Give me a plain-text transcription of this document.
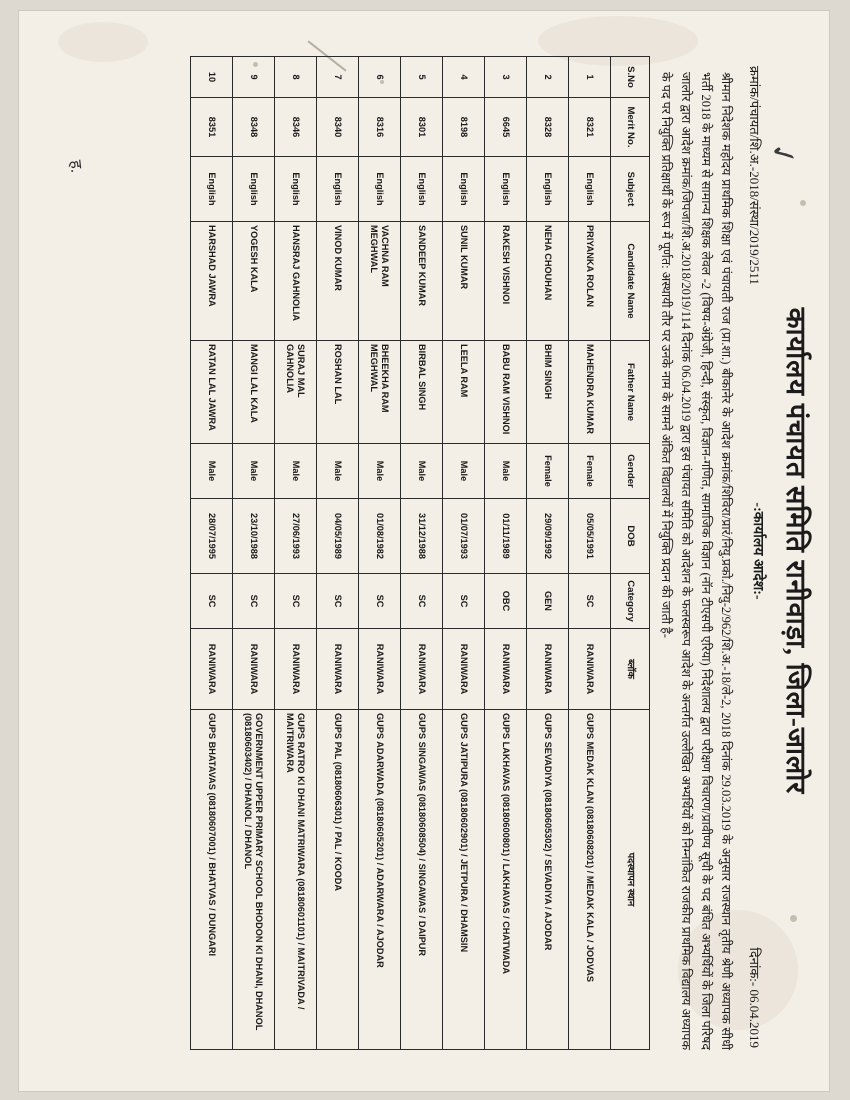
कार्यालय पंचायत समिति रानीवाड़ा, जिला-जालोर
क्रमांक/पंचायत/शि.अ.-2018/संस्था/2019/2511
-:कार्यालय आदेश:-
दिनांक:- 06.04.2019
श्रीमान निदेशक महोदय प्राथमिक शिक्षा एवं पंचायती राज (प्रा.शा.) बीकानेर के आदेश क्रमांक/शिविरा/प्रारं/नियु.प्रको./नियु-2/962/शि.अ.-18/ले-2, 2018 दिनांक 29.03.2019 के अनुसार राजस्थान तृतीय श्रेणी अध्यापक सीधी भर्ती 2018 के माध्यम से सामान्य शिक्षक लेवल -2 (विषय-अंग्रेजी, हिन्दी, संस्कृत, विज्ञान-गणित, सामाजिक विज्ञान (नॉन टीएसपी एरिया) निदेशालय द्वारा परीक्षण विचारण/प्रावीण्य सूची के पद बंधित अभ्यर्थियों के जिला परिषद जालोर द्वारा आदेश क्रमांक/जिपजा/शि.अ.2018/2019/114 दिनांक 06.04.2019 द्वारा इस पंचायत समिति को आदेशन के फलस्वरूप आदेश के अन्तर्गत उल्लेखित अभ्यर्थियों को निम्नांकित राजकीय प्राथमिक विद्यालय अध्यापक के पद पर नियुक्ति प्रतिक्षार्थी के रूप में पूर्णत: अस्थायी तौर पर उनके नाम के सामने अंकित विद्यालयों में नियुक्ति प्रदान की जाती है-
S.No	Merit No.	Subject	Candidate Name	Father Name	Gender	DOB	Category	ब्लॉक	पदस्थापन स्थान
1	8321	English	PRIYANKA ROLAN	MAHENDRA KUMAR	Female	05/05/1991	SC	RANIWARA	GUPS MEDAK KLAN (08180608201) / MEDAK KALA / JODVAS
2	8328	English	NEHA CHOUHAN	BHIM SINGH	Female	29/09/1992	GEN	RANIWARA	GUPS SEVADIYA (08180605302) / SEVADIYA / AJODAR
3	6645	English	RAKESH VISHNOI	BABU RAM VISHNOI	Male	01/11/1989	OBC	RANIWARA	GUPS LAKHAVAS (08180600801) / LAKHAVAS / CHATWADA
4	8198	English	SUNIL KUMAR	LEELA RAM	Male	01/07/1993	SC	RANIWARA	GUPS JATIPURA (08180602901) / JETPURA / DHAMSIN
5	8301	English	SANDEEP KUMAR	BIRBAL SINGH	Male	31/12/1988	SC	RANIWARA	GUPS SINGAWAS (08180608504) / SINGAWAS / DAIPUR
6	8316	English	VACHNA RAM MEGHWAL	BHEEKHA RAM MEGHWAL	Male	01/08/1982	SC	RANIWARA	GUPS ADARWADA (08180605201) / ADARWARA / AJODAR
7	8340	English	VINOD KUMAR	ROSHAN LAL	Male	04/05/1989	SC	RANIWARA	GUPS PAL (08180606301) / PAL / KOODA
8	8346	English	HANSRAJ GAHNOLIA	SURAJ MAL GAHNOLIA	Male	27/06/1993	SC	RANIWARA	GUPS RATRO KI DHANI MATRIWARA (08180601101) / MAITRIVADA / MAITRIWARA
9	8348	English	YOGESH KALA	MANGI LAL KALA	Male	23/10/1988	SC	RANIWARA	GOVERNMENT UPPER PRIMARY SCHOOL BHODON KI DHANI, DHANOL (08180603402) / DHANOL / DHANOL
10	8351	English	HARSHAD JAWRA	RATAN LAL JAWRA	Male	28/07/1995	SC	RANIWARA	GUPS BHATAVAS (08180607001) / BHATVAS / DUNGARI
✓
ह.
